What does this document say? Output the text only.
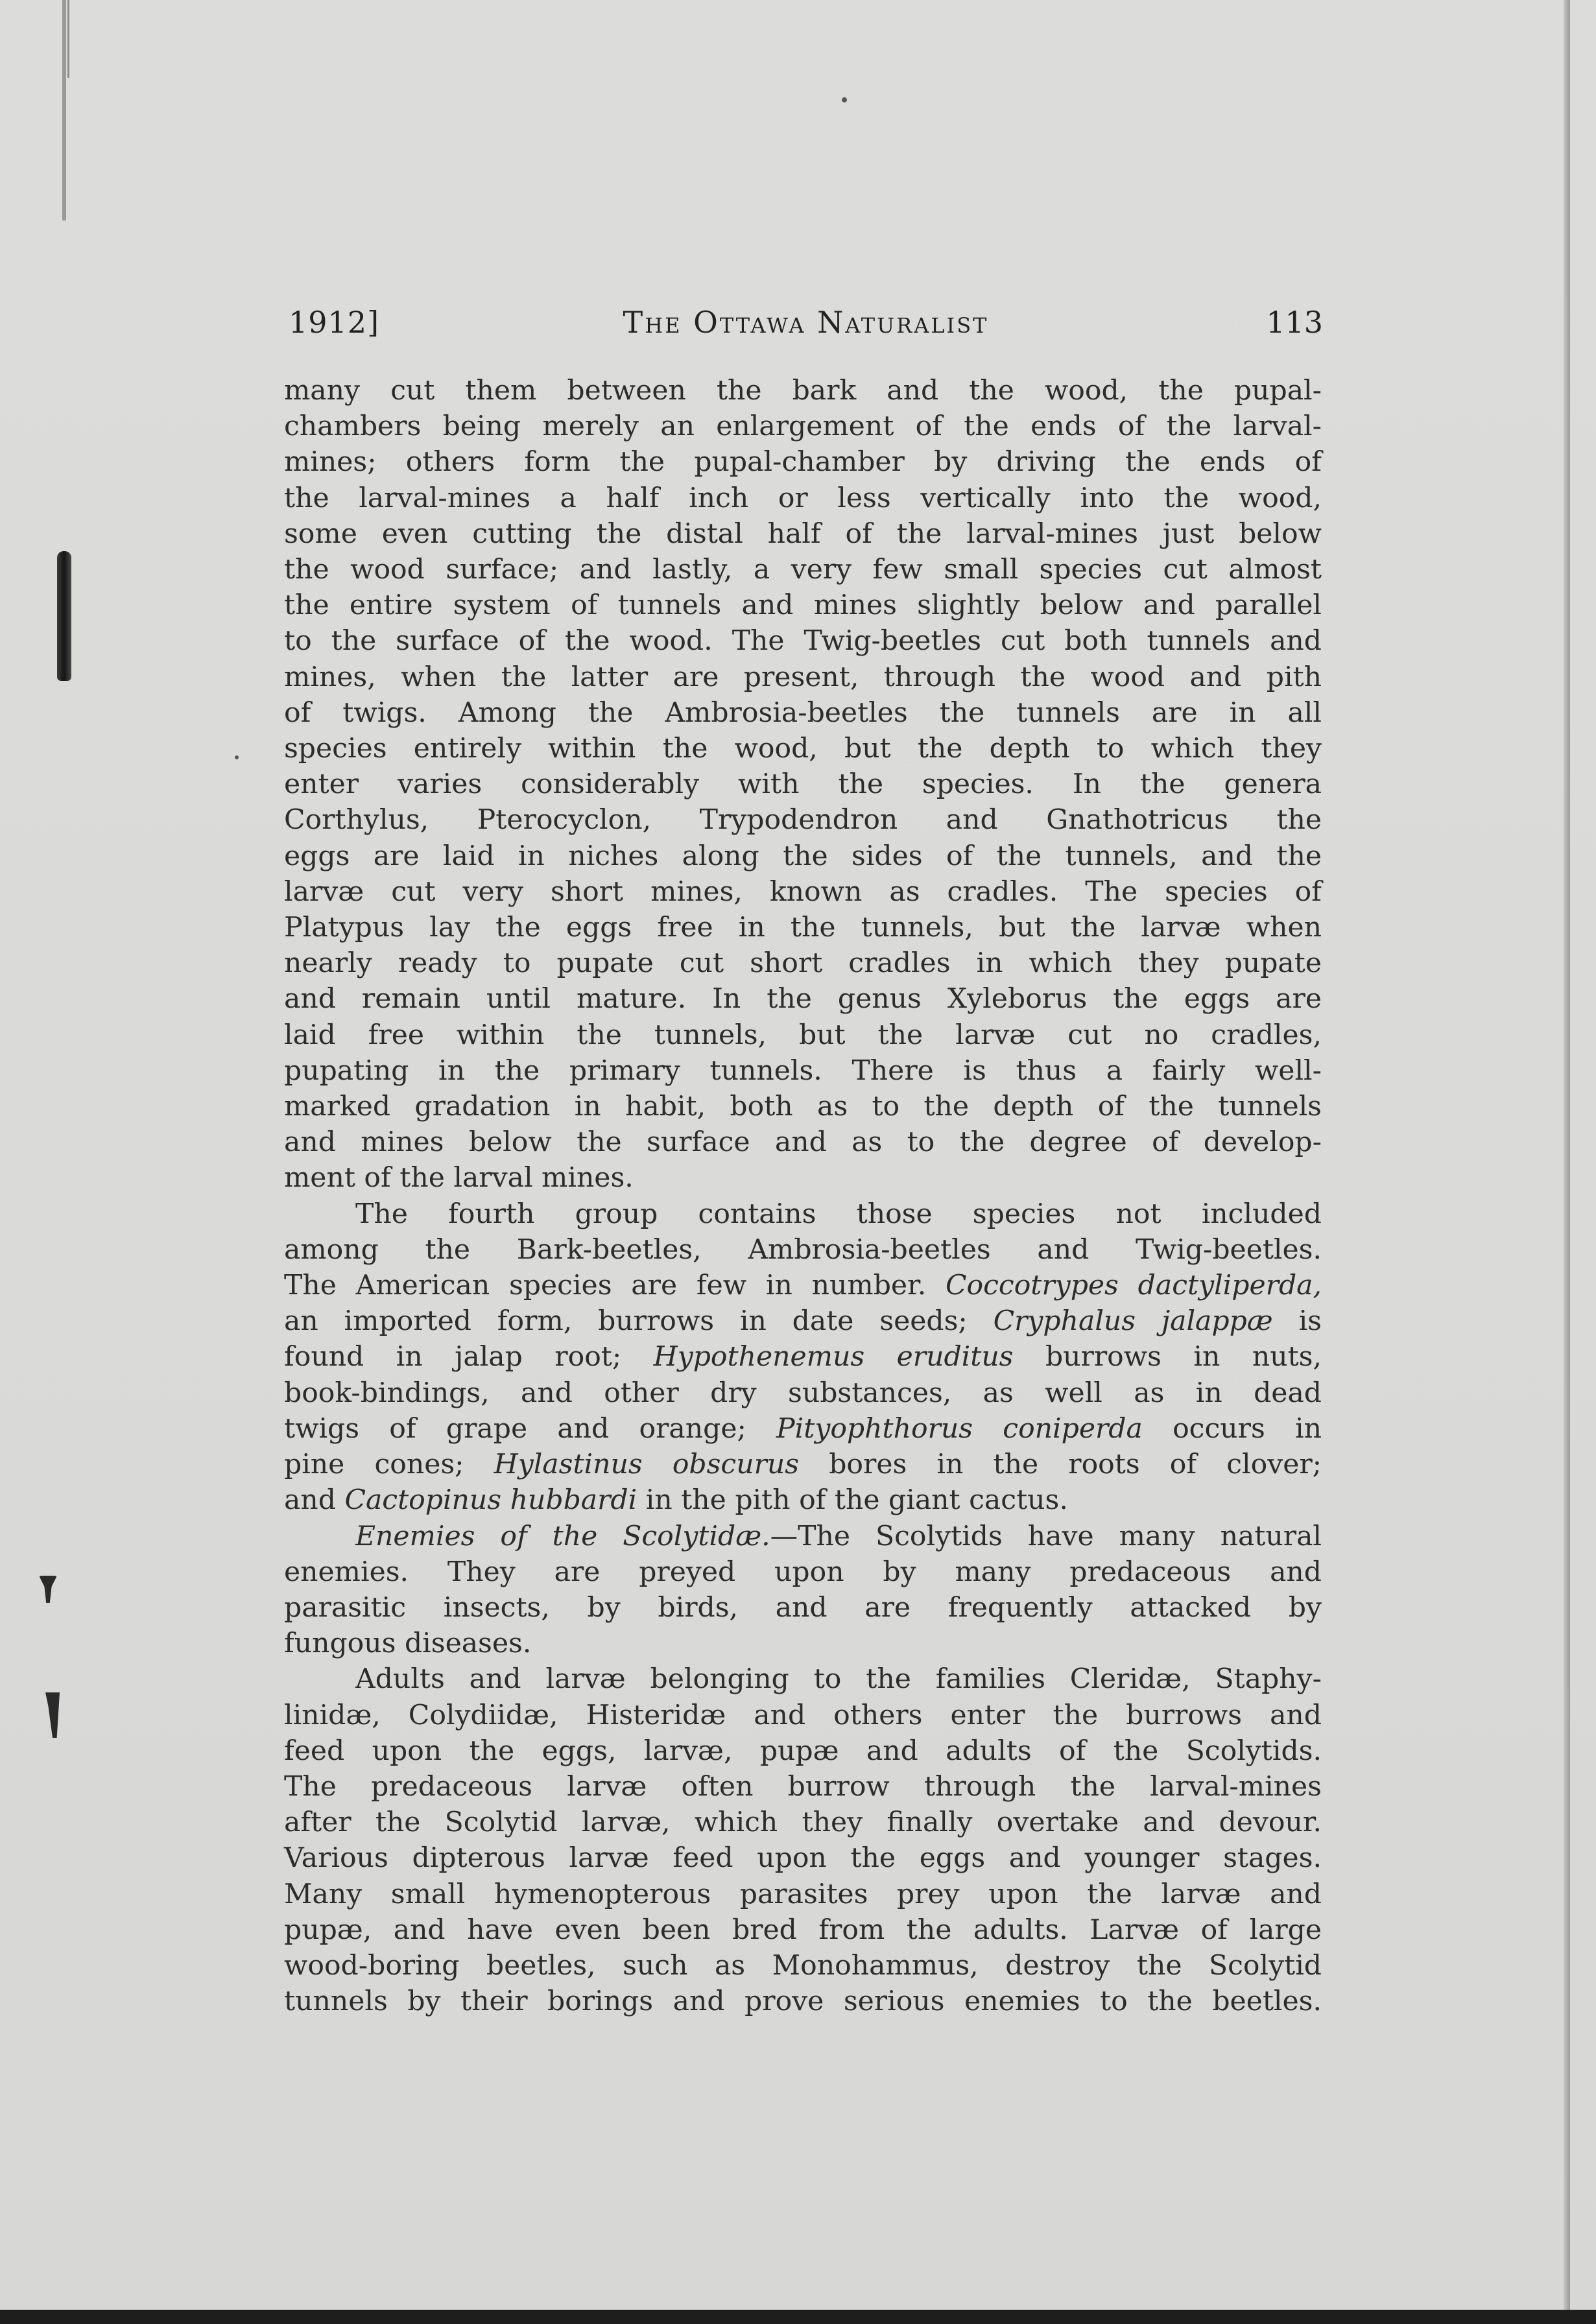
1912]	The Ottawa Naturalist	113

many cut them between the bark and the wood, the pupal-
chambers being merely an enlargement of the ends of the larval-
mines; others form the pupal-chamber by driving the ends of
the larval-mines a half inch or less vertically into the wood,
some even cutting the distal half of the larval-mines just below
the wood surface; and lastly, a very few small species cut almost
the entire system of tunnels and mines slightly below and parallel
to the surface of the wood. The Twig-beetles cut both tunnels and
mines, when the latter are present, through the wood and pith
of twigs. Among the Ambrosia-beetles the tunnels are in all
species entirely within the wood, but the depth to which they
enter varies considerably with the species. In the genera
Corthylus, Pterocyclon, Trypodendron and Gnathotricus the
eggs are laid in niches along the sides of the tunnels, and the
larvæ cut very short mines, known as cradles. The species of
Platypus lay the eggs free in the tunnels, but the larvæ when
nearly ready to pupate cut short cradles in which they pupate
and remain until mature. In the genus Xyleborus the eggs are
laid free within the tunnels, but the larvæ cut no cradles,
pupating in the primary tunnels. There is thus a fairly well-
marked gradation in habit, both as to the depth of the tunnels
and mines below the surface and as to the degree of develop-
ment of the larval mines.

The fourth group contains those species not included
among the Bark-beetles, Ambrosia-beetles and Twig-beetles.
The American species are few in number. Coccotrypes dactyliperda,
an imported form, burrows in date seeds; Cryphalus jalappæ is
found in jalap root; Hypothenemus eruditus burrows in nuts,
book-bindings, and other dry substances, as well as in dead
twigs of grape and orange; Pityophthorus coniperda occurs in
pine cones; Hylastinus obscurus bores in the roots of clover;
and Cactopinus hubbardi in the pith of the giant cactus.

Enemies of the Scolytidæ.—The Scolytids have many natural
enemies. They are preyed upon by many predaceous and
parasitic insects, by birds, and are frequently attacked by
fungous diseases.

Adults and larvæ belonging to the families Cleridæ, Staphy-
linidæ, Colydiidæ, Histeridæ and others enter the burrows and
feed upon the eggs, larvæ, pupæ and adults of the Scolytids.
The predaceous larvæ often burrow through the larval-mines
after the Scolytid larvæ, which they finally overtake and devour.
Various dipterous larvæ feed upon the eggs and younger stages.
Many small hymenopterous parasites prey upon the larvæ and
pupæ, and have even been bred from the adults. Larvæ of large
wood-boring beetles, such as Monohammus, destroy the Scolytid
tunnels by their borings and prove serious enemies to the beetles.
